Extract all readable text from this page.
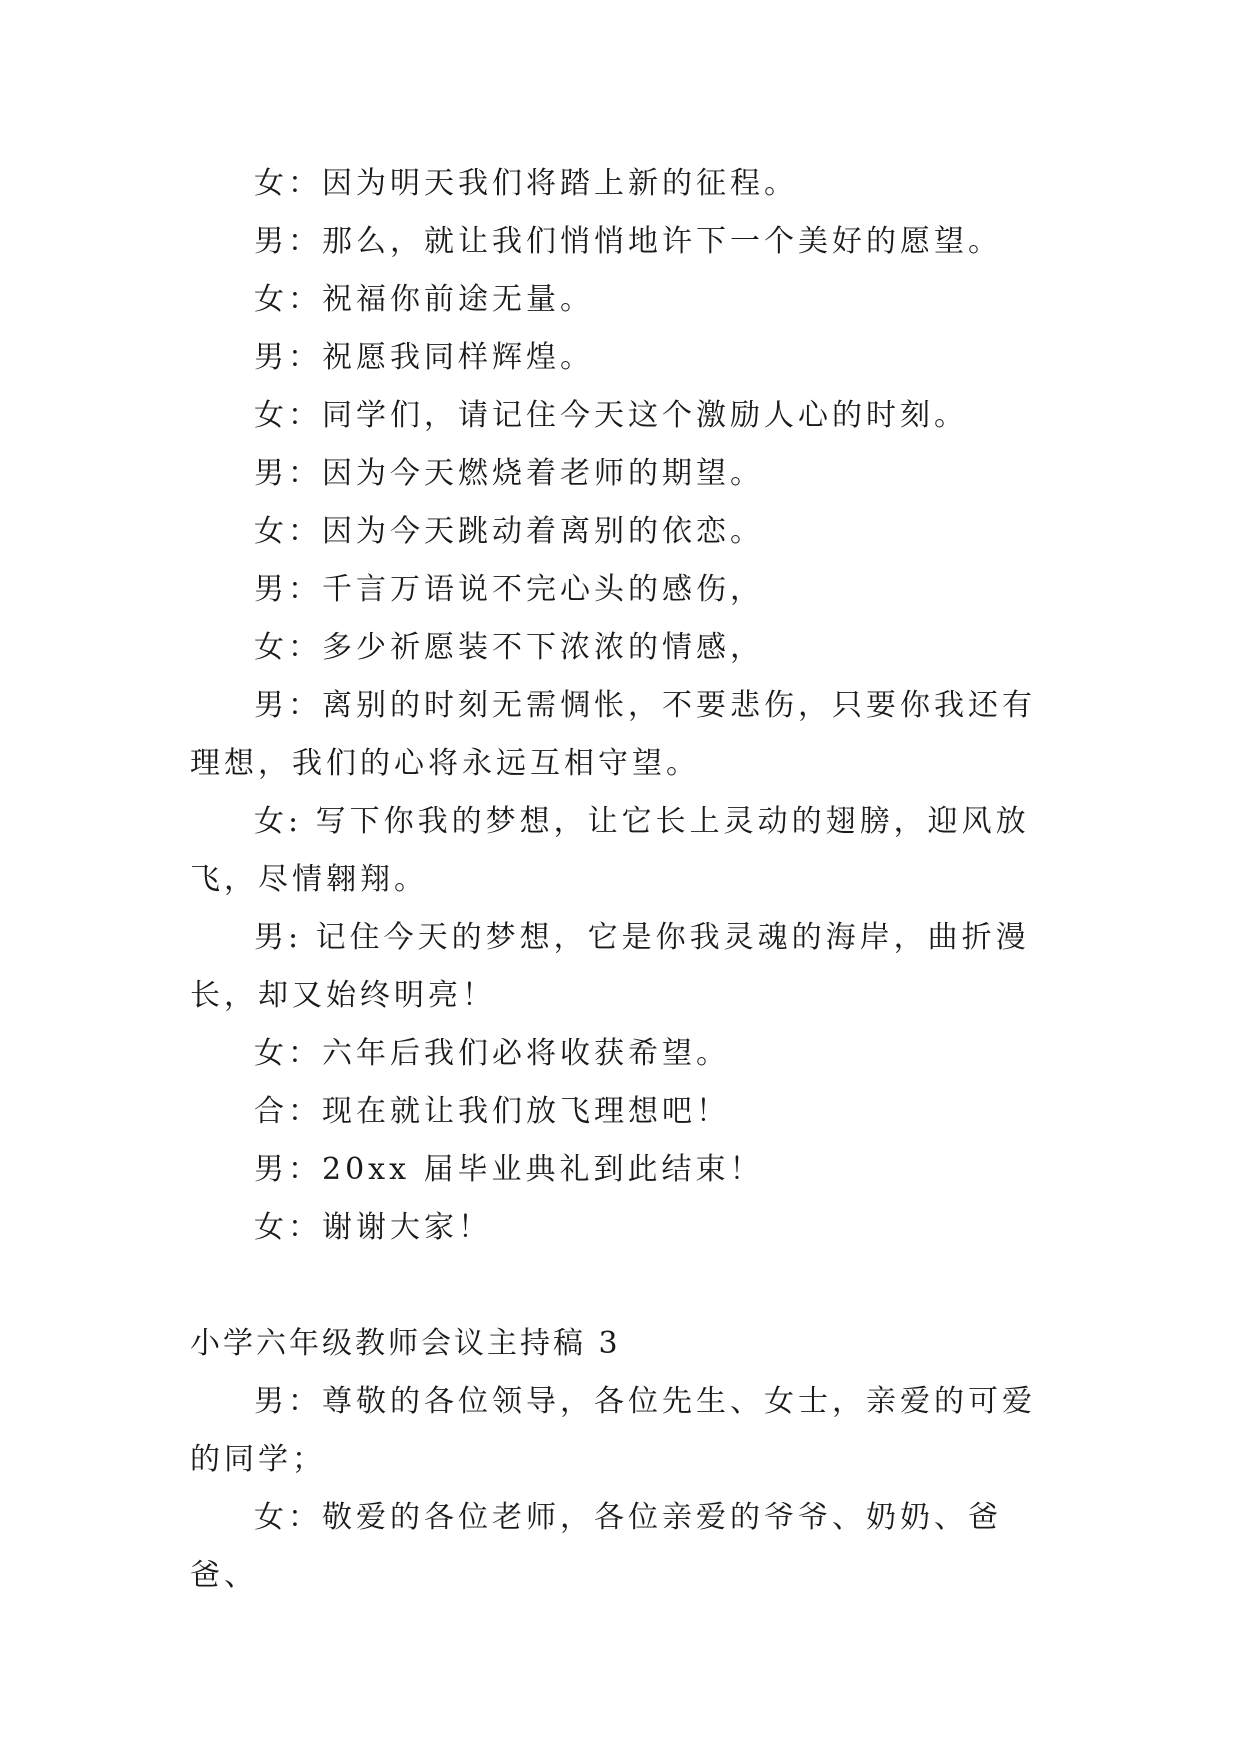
女：因为明天我们将踏上新的征程。

男：那么，就让我们悄悄地许下一个美好的愿望。

女：祝福你前途无量。

男：祝愿我同样辉煌。

女：同学们，请记住今天这个激励人心的时刻。

男：因为今天燃烧着老师的期望。

女：因为今天跳动着离别的依恋。

男：千言万语说不完心头的感伤，

女：多少祈愿装不下浓浓的情感，

男：离别的时刻无需惆怅，不要悲伤，只要你我还有理想，我们的心将永远互相守望。

女: 写下你我的梦想，让它长上灵动的翅膀，迎风放飞，尽情翱翔。

男: 记住今天的梦想，它是你我灵魂的海岸，曲折漫长，却又始终明亮！

女：六年后我们必将收获希望。

合：现在就让我们放飞理想吧！

男：20xx 届毕业典礼到此结束！

女：谢谢大家！

小学六年级教师会议主持稿 3

男：尊敬的各位领导，各位先生、女士，亲爱的可爱的同学；

女：敬爱的各位老师，各位亲爱的爷爷、奶奶、爸爸、
